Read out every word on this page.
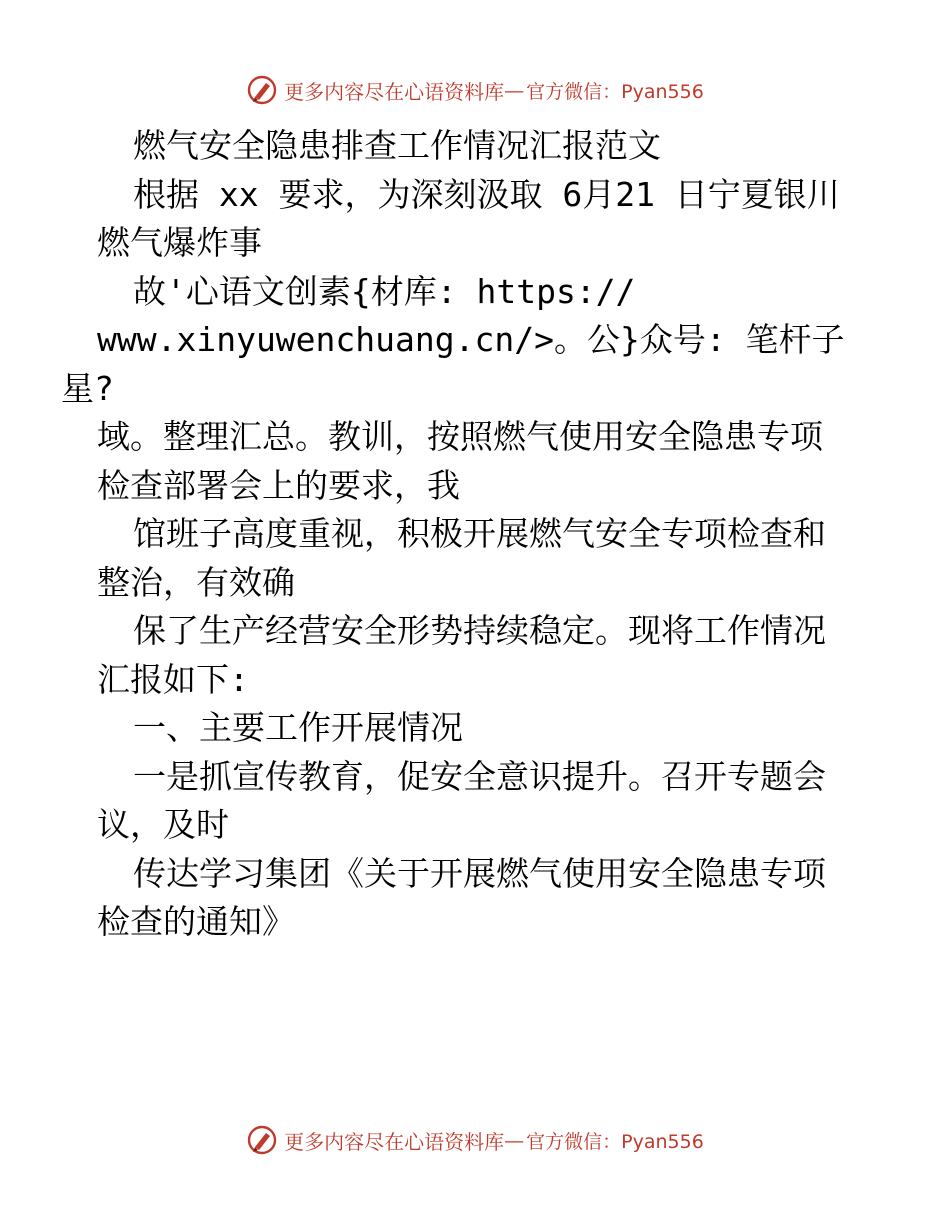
更多内容尽在心语资料库 — 官方微信：Pyan556

燃气安全隐患排查工作情况汇报范文

根据 xx 要求，为深刻汲取 6月21 日宁夏银川
燃气爆炸事

故'心语文创素{材库: https://
www.xinyuwenchuang.cn/>。公}众号: 笔杆子星?
域。整理汇总。教训，按照燃气使用安全隐患专项
检查部署会上的要求，我

馆班子高度重视，积极开展燃气安全专项检查和
整治，有效确

保了生产经营安全形势持续稳定。现将工作情况
汇报如下:

一、主要工作开展情况

一是抓宣传教育，促安全意识提升。召开专题会
议，及时

传达学习集团《关于开展燃气使用安全隐患专项
检查的通知》

更多内容尽在心语资料库 — 官方微信：Pyan556
